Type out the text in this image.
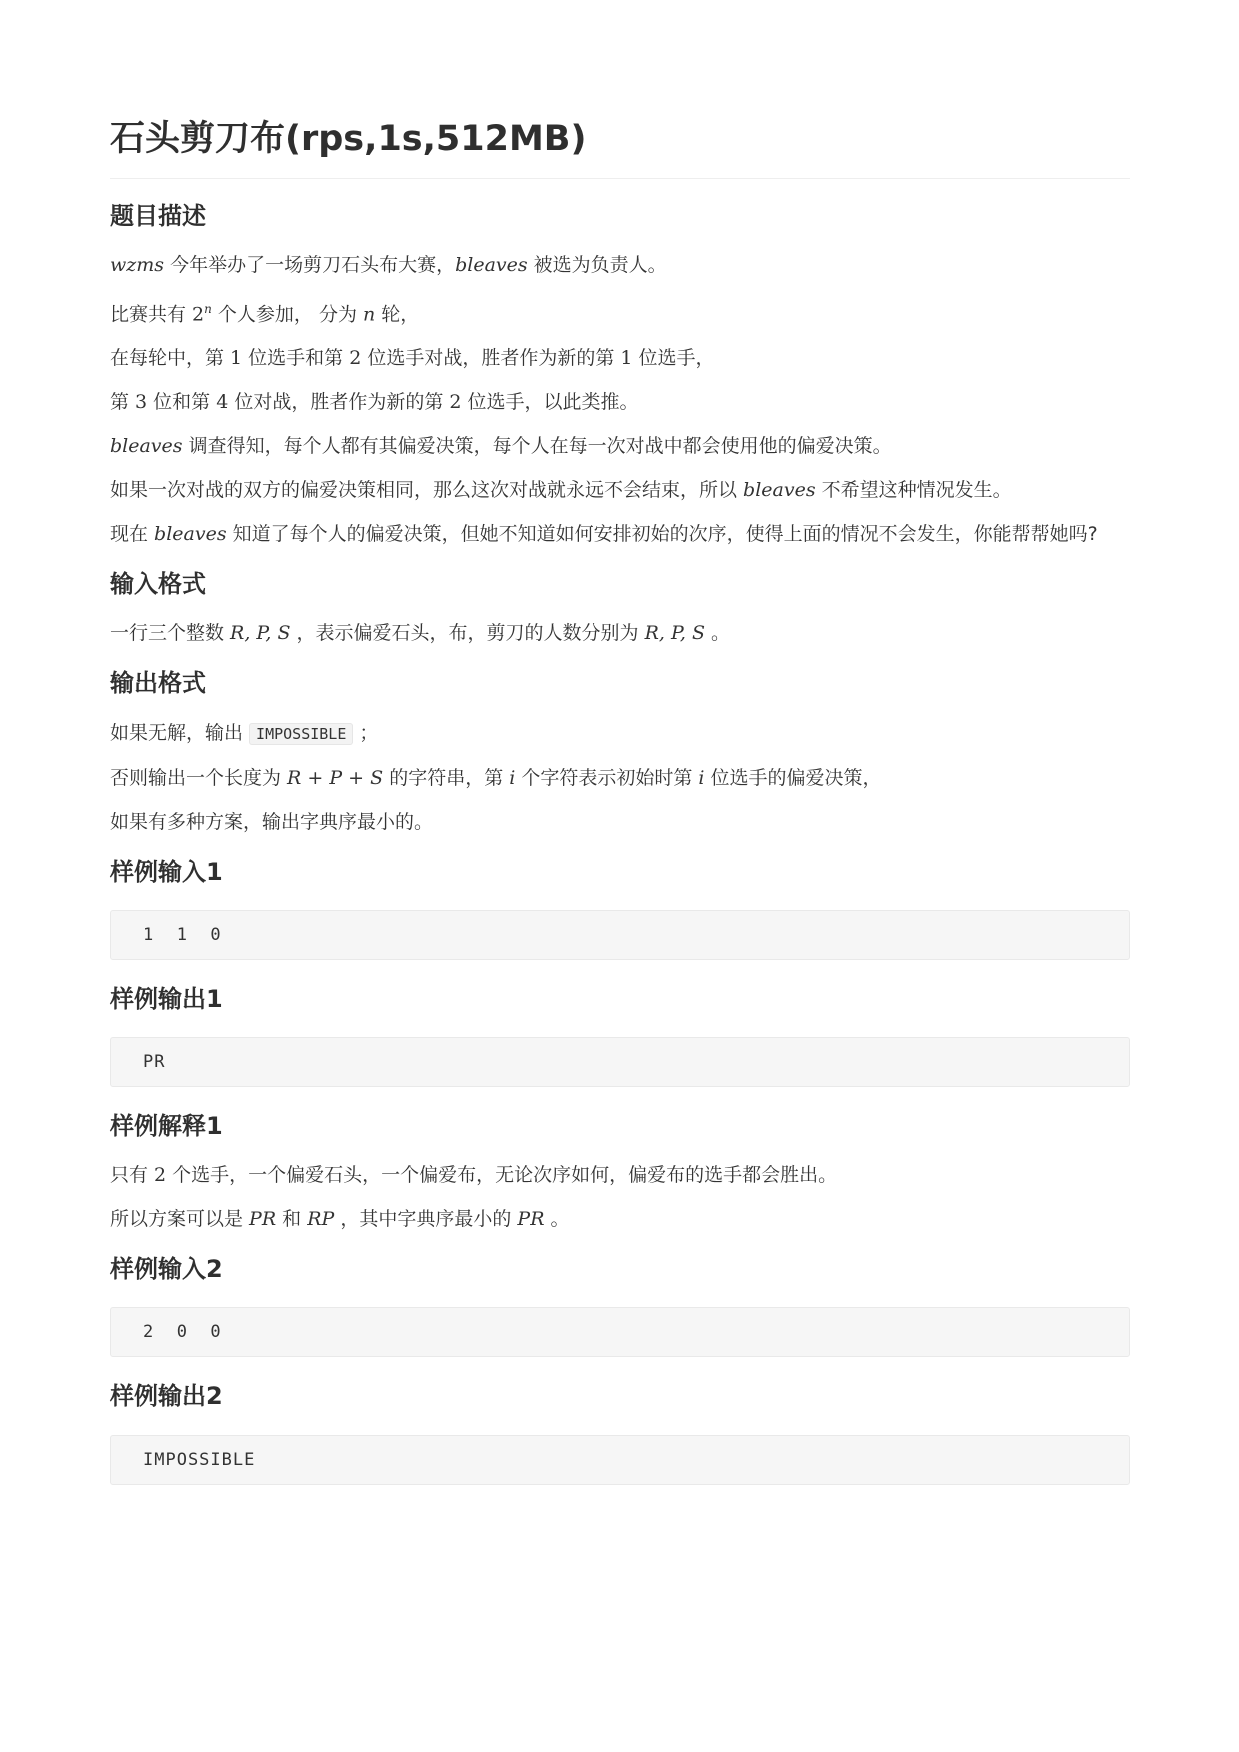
石头剪刀布(rps,1s,512MB)
题目描述

wzms 今年举办了一场剪刀石头布大赛，bleaves 被选为负责人。

比赛共有 2$^n$ 个人参加， 分为 n 轮，

在每轮中，第 1 位选手和第 2 位选手对战，胜者作为新的第 1 位选手，

第 3 位和第 4 位对战，胜者作为新的第 2 位选手，以此类推。

bleaves 调查得知，每个人都有其偏爱决策，每个人在每一次对战中都会使用他的偏爱决策。

如果一次对战的双方的偏爱决策相同，那么这次对战就永远不会结束，所以 bleaves 不希望这种情况发生。

现在 bleaves 知道了每个人的偏爱决策，但她不知道如何安排初始的次序，使得上面的情况不会发生，你能帮帮她吗?

输入格式

一行三个整数 R, P, S ，表示偏爱石头，布，剪刀的人数分别为 R, P, S 。

输出格式

如果无解，输出 IMPOSSIBLE ；

否则输出一个长度为 R + P + S 的字符串，第 i 个字符表示初始时第 i 位选手的偏爱决策，

如果有多种方案，输出字典序最小的。

样例输入1
1  1  0
样例输出1
PR
样例解释1

只有 2 个选手，一个偏爱石头，一个偏爱布，无论次序如何，偏爱布的选手都会胜出。

所以方案可以是 PR 和 RP ，其中字典序最小的 PR 。

样例输入2
2  0  0
样例输出2
IMPOSSIBLE
